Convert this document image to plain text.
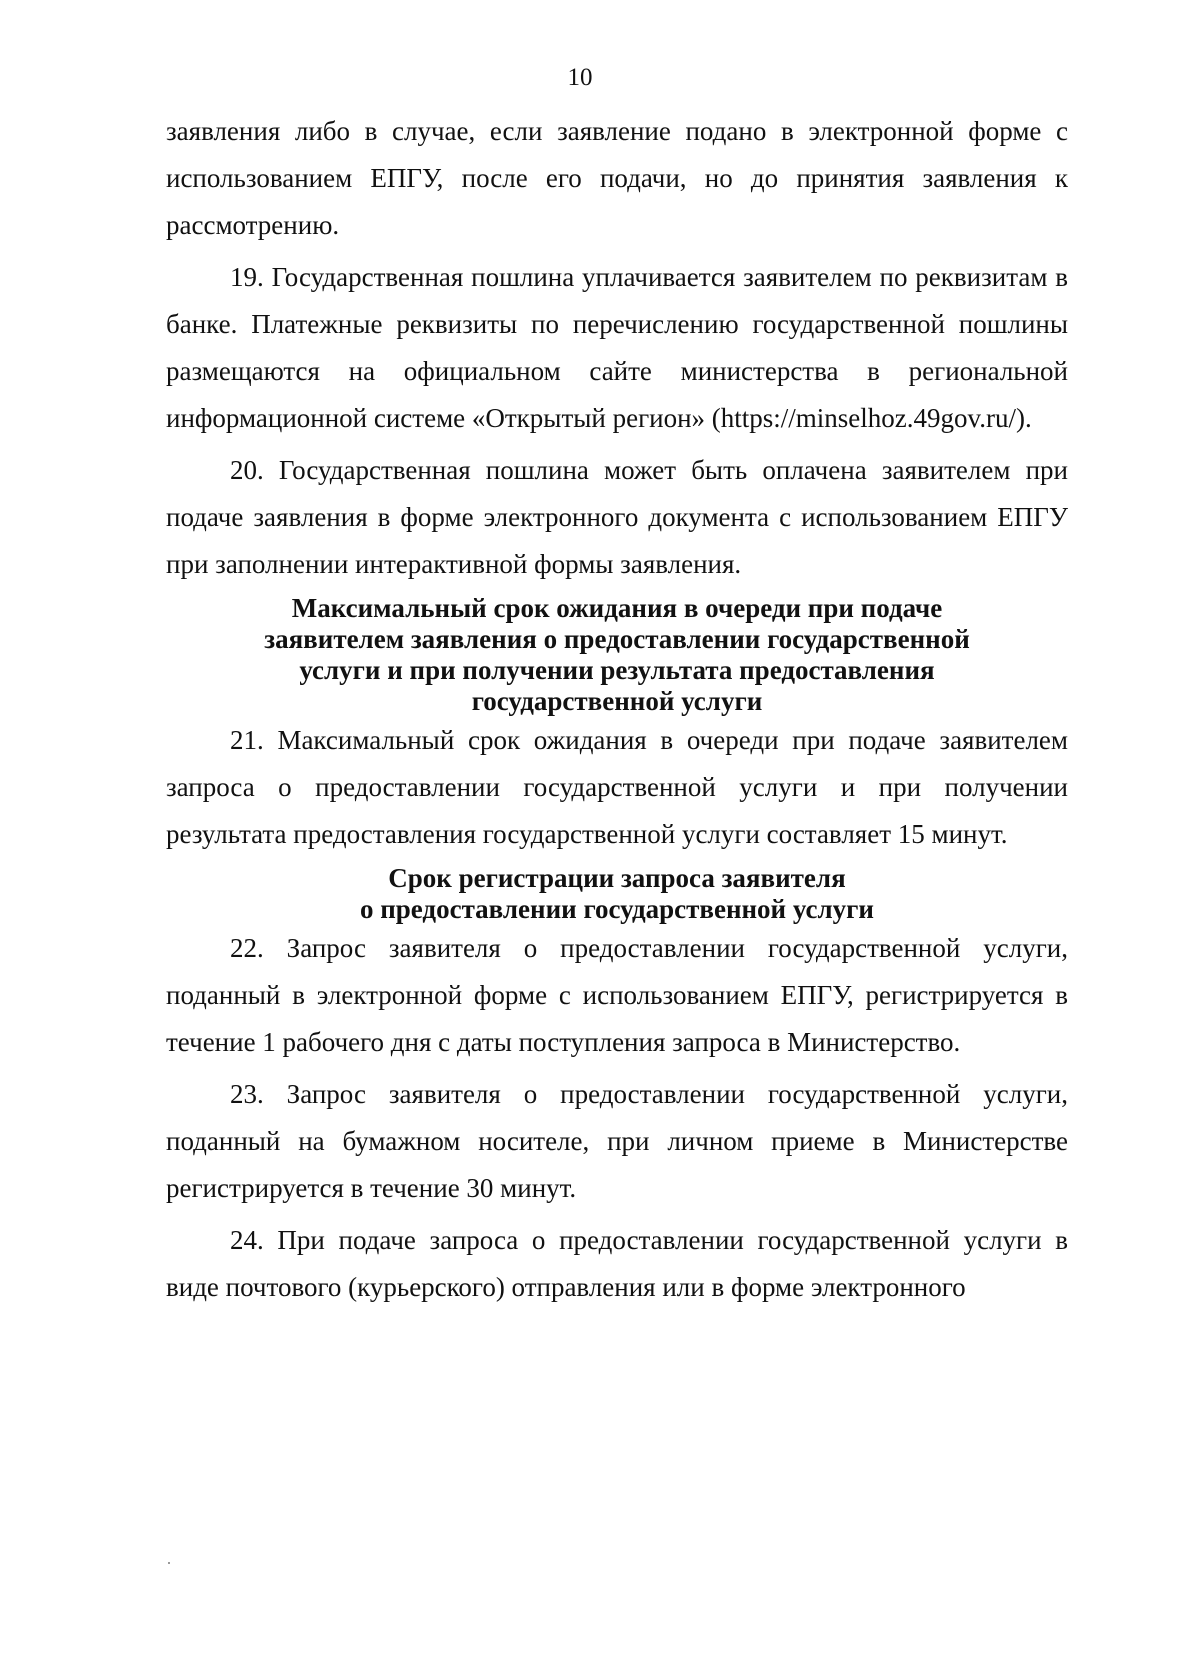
10

заявления либо в случае, если заявление подано в электронной форме с использованием ЕПГУ, после его подачи, но до принятия заявления к рассмотрению.

19. Государственная пошлина уплачивается заявителем по реквизитам в банке. Платежные реквизиты по перечислению государственной пошлины размещаются на официальном сайте министерства в региональной информационной системе «Открытый регион» (https://minselhoz.49gov.ru/).

20. Государственная пошлина может быть оплачена заявителем при подаче заявления в форме электронного документа с использованием ЕПГУ при заполнении интерактивной формы заявления.

Максимальный срок ожидания в очереди при подаче
заявителем заявления о предоставлении государственной
услуги и при получении результата предоставления
государственной услуги

21. Максимальный срок ожидания в очереди при подаче заявителем запроса о предоставлении государственной услуги и при получении результата предоставления государственной услуги составляет 15 минут.

Срок регистрации запроса заявителя
о предоставлении государственной услуги

22. Запрос заявителя о предоставлении государственной услуги, поданный в электронной форме с использованием ЕПГУ, регистрируется в течение 1 рабочего дня с даты поступления запроса в Министерство.

23. Запрос заявителя о предоставлении государственной услуги, поданный на бумажном носителе, при личном приеме в Министерстве регистрируется в течение 30 минут.

24. При подаче запроса о предоставлении государственной услуги в виде почтового (курьерского) отправления или в форме электронного
